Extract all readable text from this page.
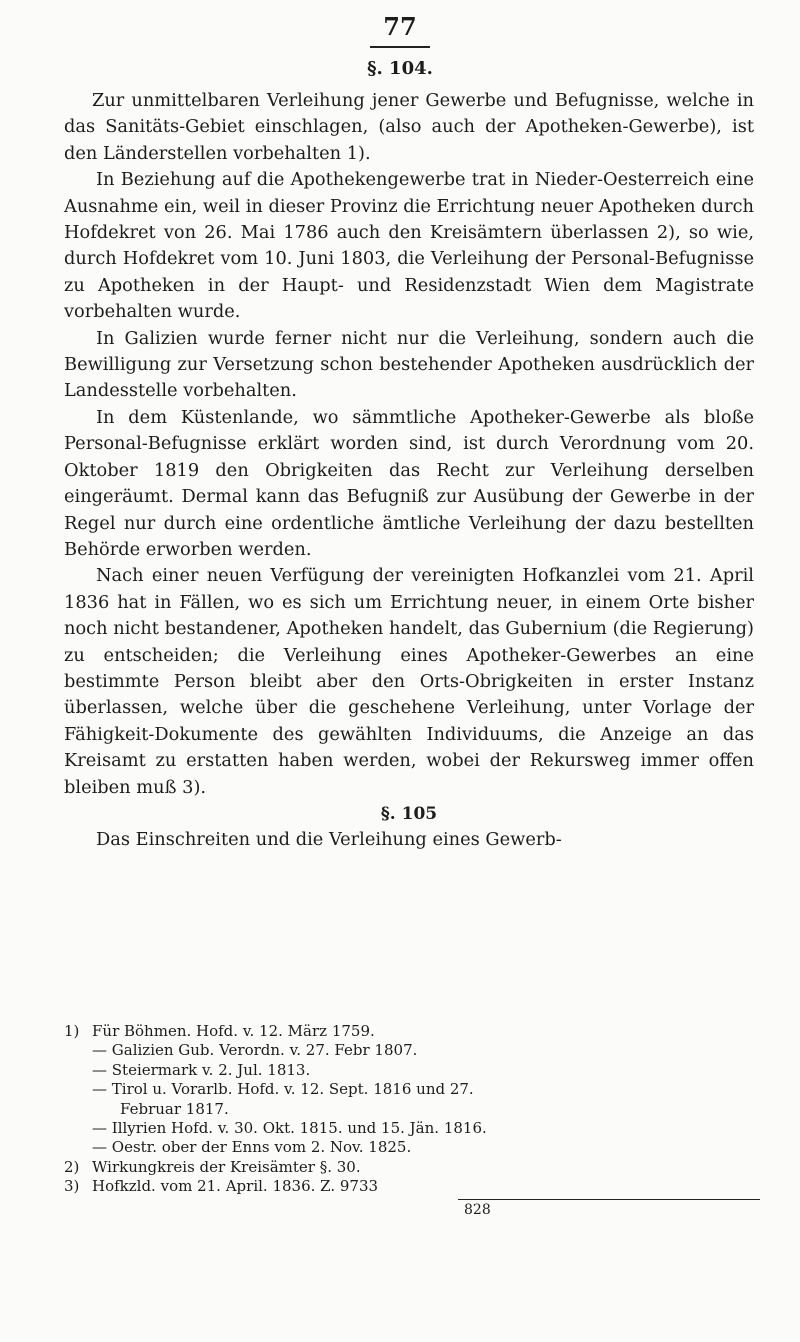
77
§. 104.

Zur unmittelbaren Verleihung jener Gewerbe und Befugnisse, welche in das Sanitäts-Gebiet einschlagen, (also auch der Apotheken-Gewerbe), ist den Länderstellen vorbehalten 1).

In Beziehung auf die Apothekengewerbe trat in Nieder-Oesterreich eine Ausnahme ein, weil in dieser Provinz die Errichtung neuer Apotheken durch Hofdekret von 26. Mai 1786 auch den Kreisämtern überlassen 2), so wie, durch Hofdekret vom 10. Juni 1803, die Verleihung der Personal-Befugnisse zu Apotheken in der Haupt- und Residenzstadt Wien dem Magistrate vorbehalten wurde.

In Galizien wurde ferner nicht nur die Verleihung, sondern auch die Bewilligung zur Versetzung schon bestehender Apotheken ausdrücklich der Landesstelle vorbehalten.

In dem Küstenlande, wo sämmtliche Apotheker-Gewerbe als bloße Personal-Befugnisse erklärt worden sind, ist durch Verordnung vom 20. Oktober 1819 den Obrigkeiten das Recht zur Verleihung derselben eingeräumt. Dermal kann das Befugniß zur Ausübung der Gewerbe in der Regel nur durch eine ordentliche ämtliche Verleihung der dazu bestellten Behörde erworben werden.

Nach einer neuen Verfügung der vereinigten Hofkanzlei vom 21. April 1836 hat in Fällen, wo es sich um Errichtung neuer, in einem Orte bisher noch nicht bestandener, Apotheken handelt, das Gubernium (die Regierung) zu entscheiden; die Verleihung eines Apotheker-Gewerbes an eine bestimmte Person bleibt aber den Orts-Obrigkeiten in erster Instanz überlassen, welche über die geschehene Verleihung, unter Vorlage der Fähigkeit-Dokumente des gewählten Individuums, die Anzeige an das Kreisamt zu erstatten haben werden, wobei der Rekursweg immer offen bleiben muß 3).

§. 105

Das Einschreiten und die Verleihung eines Gewerb-

1) Für Böhmen. Hofd. v. 12. März 1759.
— Galizien Gub. Verordn. v. 27. Febr 1807.
— Steiermark v. 2. Jul. 1813.
— Tirol u. Vorarlb. Hofd. v. 12. Sept. 1816 und 27.
Februar 1817.
— Illyrien Hofd. v. 30. Okt. 1815. und 15. Jän. 1816.
— Oestr. ober der Enns vom 2. Nov. 1825.
2) Wirkungkreis der Kreisämter §. 30.
3) Hofkzld. vom 21. April. 1836. Z. 9733
828
